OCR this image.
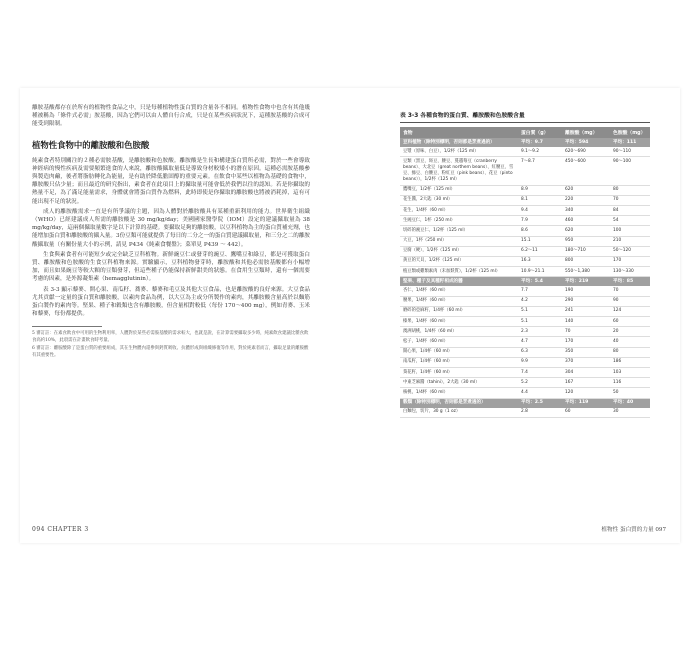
離胺基酸都存在於所有的植物性食品之中，只是每種植物性蛋白質的含量各不相同。植物性食物中也含有其他幾種被稱為「條件式必需」胺基酸，因為它們可以由人體自行合成，只是在某些疾病狀況下，這種胺基酸的合成可能受到限制。

植物性食物中的離胺酸和色胺酸

純素食者特別關注的２種必需胺基酸，是離胺酸和色胺酸。離胺酸是生長和構建蛋白質所必需，對於一些會導致神經病的慢性疾病及需要頻繁進食的人來說，離胺酸攝取量低是導致身材較矮小的潛在原因。這種必需胺基酸參與製造肉鹼，後者將脂肪轉化為能量，是有助於降低膽固醇的重要元素。在飲食中某些以植物為基礎的食物中，離胺酸只佔少量；而且最近的研究指出，素食者在此項目上的攝取量可能會低於我們以往的認知。若是你攝取的熱量不足，為了滿足能量需求，身體就會將蛋白質作為燃料，此時即使是你攝取的離胺酸也將被消耗掉，這有可能出現不足的狀況。

成人的離胺酸需求一直是有所爭議的主題，因為人體對於離胺酸具有某種重新利用的能力。世界衛生組織（WHO）已經建議成人所需的離胺酸是 30 mg/kg/day；美國國家醫學院（IOM）設定的建議攝取量為 38 mg/kg/day，這兩個攝取量數字是以下計算的基礎。要攝取足夠的離胺酸，以豆科植物為主的蛋白質補充劑，也能增加蛋白質和離胺酸的攝入量。3份豆類可能就提供了每日的二分之一的蛋白質建議攝取量，和三分之二的離胺酸攝取量（有關份量大小的示例，請見 P434《純素食餐盤》；菜單見 P439 ～ 442）。

生食與素食者有可能短少或完全缺乏豆科植物。新鮮豌豆仁或發芽的豌豆、鷹嘴豆和綠豆，都是可獲取蛋白質、離胺酸和色胺酸的生食豆科植物來源。實驗顯示，豆科植物發芽時，離胺酸和其他必需胺基酸都有小幅增加，而且如果豌豆等較大顆的豆類發芽，但這些種子仍能保持新鮮甜美的狀態。在食用生豆類時，還有一個需要考慮的因素，是外源凝集素（hemagglutinin）。

表 3-3 顯示藜麥、開心果、南瓜籽、蕎麥、藜麥和毛豆及其他大豆食品，也是離胺酸的良好來源。大豆食品尤其貢獻一定量的蛋白質和離胺酸，以素肉食品為例，以大豆為主或分所製作的素肉，其離胺酸含量高於以麵筋蛋白製作的素肉等。堅果、種子和穀類也含有離胺酸，但含量相對較低（每份 170～400 mg），例如青麥、玉米和藜麥，每份都提供。

5 審訂註：在素食飲食中可用的生物利用率，人體對於某些必需胺基酸的需求較大，也就是說，在計算需要攝取多少時，純素飲食建議比雜食飲食高約10%，此項需在計畫飲食時考量。

6 審訂註：離胺酸除了是蛋白質的重要組成，其在生物體內還參與鈣質吸收、抗體形成與組織修復等作用，對於純素者而言，攝取足量的離胺酸有其重要性。

094 CHAPTER 3
表 3-3 各種食物的蛋白質、離胺酸和色胺酸含量
食物	蛋白質（g）	離胺酸（mg）	色胺酸（mg）
豆科植物（除特別標明，否則都是烹煮過的）	平均：9.7	平均：594	平均：111
豆漿（原味、白豆），1/2杯（125 ml）	9.1～9.2	620～690	90～110
豆類（黑豆、斑豆、腰豆、蔓越莓豆（cranberry beans）、大北豆（great northern beans）、紅腰豆、雪豆、綠豆、白腰豆、粉紅豆（pink beans）、花豆（pinto beans）），1/2杯（125 ml）	7～8.7	450～600	90～100
鷹嘴豆，1/2杯（125 ml）	8.9	620	80
花生醬，2大匙（30 ml）	8.1	220	70
花生，1/4杯（60 ml）	9.4	340	84
生豌豆仁，1杯（250 ml）	7.9	460	54
切碎的豌豆仁，1/2杯（125 ml）	8.6	620	100
大豆，1杯（250 ml）	15.1	950	210
豆腐（硬），1/2杯（125 ml）	6.2～11	180～710	50～120
黃豆的天貝，1/2杯（125 ml）	16.3	800	170
植豆類或雞類素肉（未加麩質），1/2杯（125 ml）	10.9～21.1	550～1,380	130～330
堅果、種子及其種籽相成的醬	平均：5.4	平均：219	平均：85
杏仁，1/4杯（60 ml）	7.7	190	70
腰果，1/4杯（60 ml）	4.2	290	90
磨碎的亞麻籽，1/4杯（60 ml）	5.1	241	124
榛果，1/4杯（60 ml）	5.1	140	60
澳洲胡桃，1/4杯（60 ml）	2.3	70	20
松子，1/4杯（60 ml）	4.7	170	40
開心果，1/4杯（60 ml）	6.3	350	80
南瓜籽，1/4杯（60 ml）	9.9	370	186
葵花籽，1/4杯（60 ml）	7.4	304	103
中東芝麻醬（tahini），2大匙（30 ml）	5.2	167	116
核桃，1/4杯（60 ml）	4.4	120	50
穀類（除特別標明，否則都是烹煮過的）	平均：2.5	平均：119	平均：40
白麵包，切片，30 g（1 oz）	2.8	60	30
植物性 蛋白質的力量 097
